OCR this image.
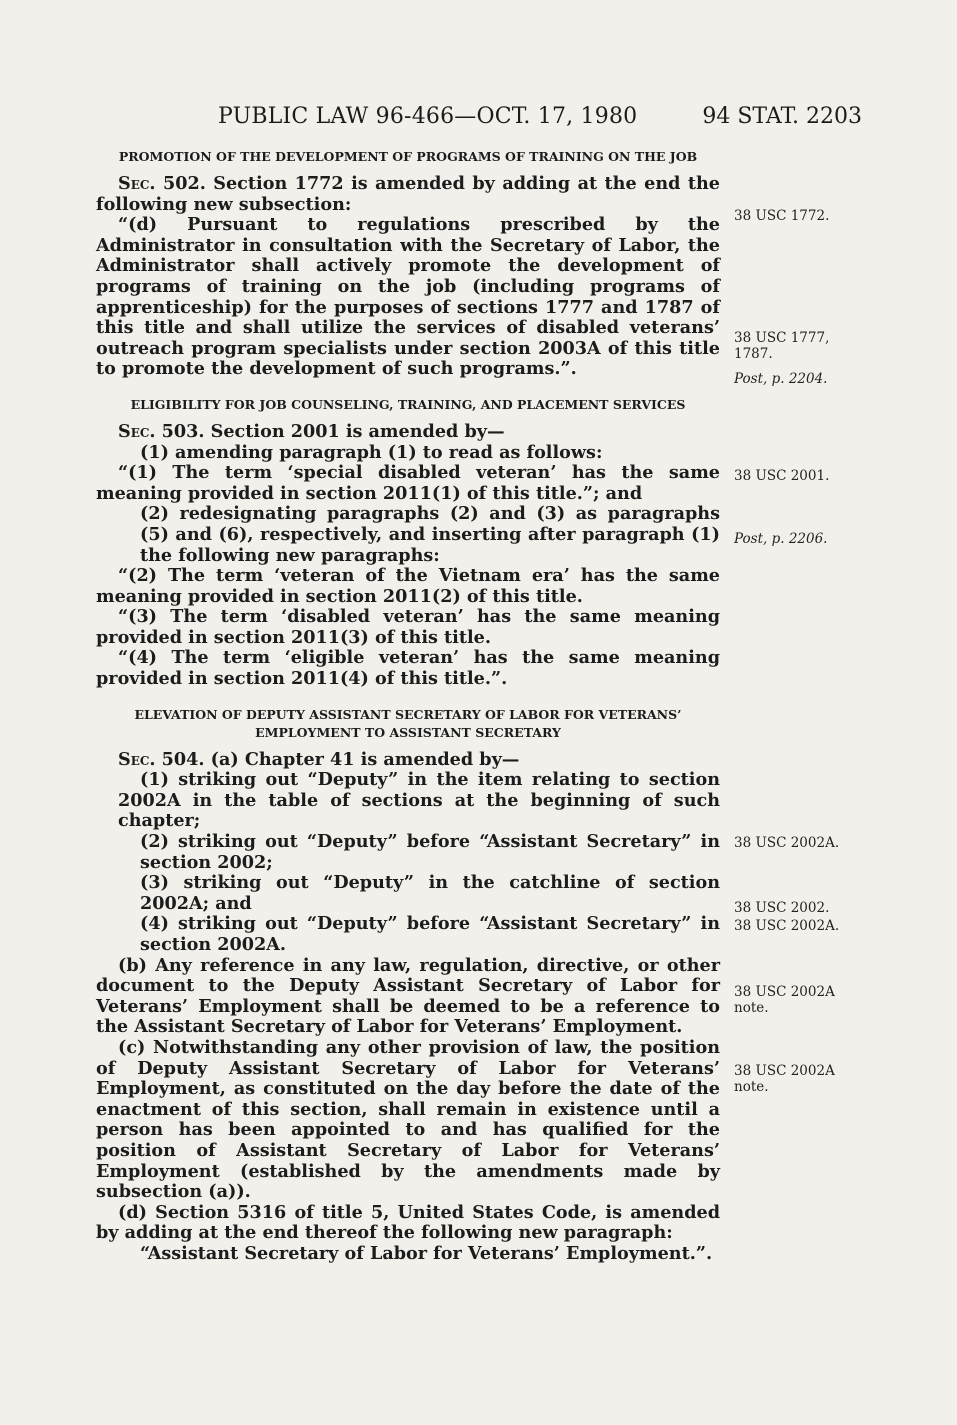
PUBLIC LAW 96-466—OCT. 17, 1980	94 STAT. 2203
PROMOTION OF THE DEVELOPMENT OF PROGRAMS OF TRAINING ON THE JOB

Sec. 502. Section 1772 is amended by adding at the end the following new subsection:

“(d) Pursuant to regulations prescribed by the Administrator in consultation with the Secretary of Labor, the Administrator shall actively promote the development of programs of training on the job (including programs of apprenticeship) for the purposes of sections 1777 and 1787 of this title and shall utilize the services of disabled veterans’ outreach program specialists under section 2003A of this title to promote the development of such programs.”.

ELIGIBILITY FOR JOB COUNSELING, TRAINING, AND PLACEMENT SERVICES

Sec. 503. Section 2001 is amended by—

(1) amending paragraph (1) to read as follows:

“(1) The term ‘special disabled veteran’ has the same meaning provided in section 2011(1) of this title.”; and

(2) redesignating paragraphs (2) and (3) as paragraphs (5) and (6), respectively, and inserting after paragraph (1) the following new paragraphs:

“(2) The term ‘veteran of the Vietnam era’ has the same meaning provided in section 2011(2) of this title.

“(3) The term ‘disabled veteran’ has the same meaning provided in section 2011(3) of this title.

“(4) The term ‘eligible veteran’ has the same meaning provided in section 2011(4) of this title.”.

ELEVATION OF DEPUTY ASSISTANT SECRETARY OF LABOR FOR VETERANS’ EMPLOYMENT TO ASSISTANT SECRETARY

Sec. 504. (a) Chapter 41 is amended by—

(1) striking out “Deputy” in the item relating to section 2002A in the table of sections at the beginning of such chapter;

(2) striking out “Deputy” before “Assistant Secretary” in section 2002;

(3) striking out “Deputy” in the catchline of section 2002A; and

(4) striking out “Deputy” before “Assistant Secretary” in section 2002A.

(b) Any reference in any law, regulation, directive, or other document to the Deputy Assistant Secretary of Labor for Veterans’ Employment shall be deemed to be a reference to the Assistant Secretary of Labor for Veterans’ Employment.

(c) Notwithstanding any other provision of law, the position of Deputy Assistant Secretary of Labor for Veterans’ Employment, as constituted on the day before the date of the enactment of this section, shall remain in existence until a person has been appointed to and has qualified for the position of Assistant Secretary of Labor for Veterans’ Employment (established by the amendments made by subsection (a)).

(d) Section 5316 of title 5, United States Code, is amended by adding at the end thereof the following new paragraph:

“Assistant Secretary of Labor for Veterans’ Employment.”.

38 USC 1772.
38 USC 1777,
1787.
Post, p. 2204.
38 USC 2001.
Post, p. 2206.
38 USC 2002A.
38 USC 2002.
38 USC 2002A.
38 USC 2002A
note.
38 USC 2002A
note.
